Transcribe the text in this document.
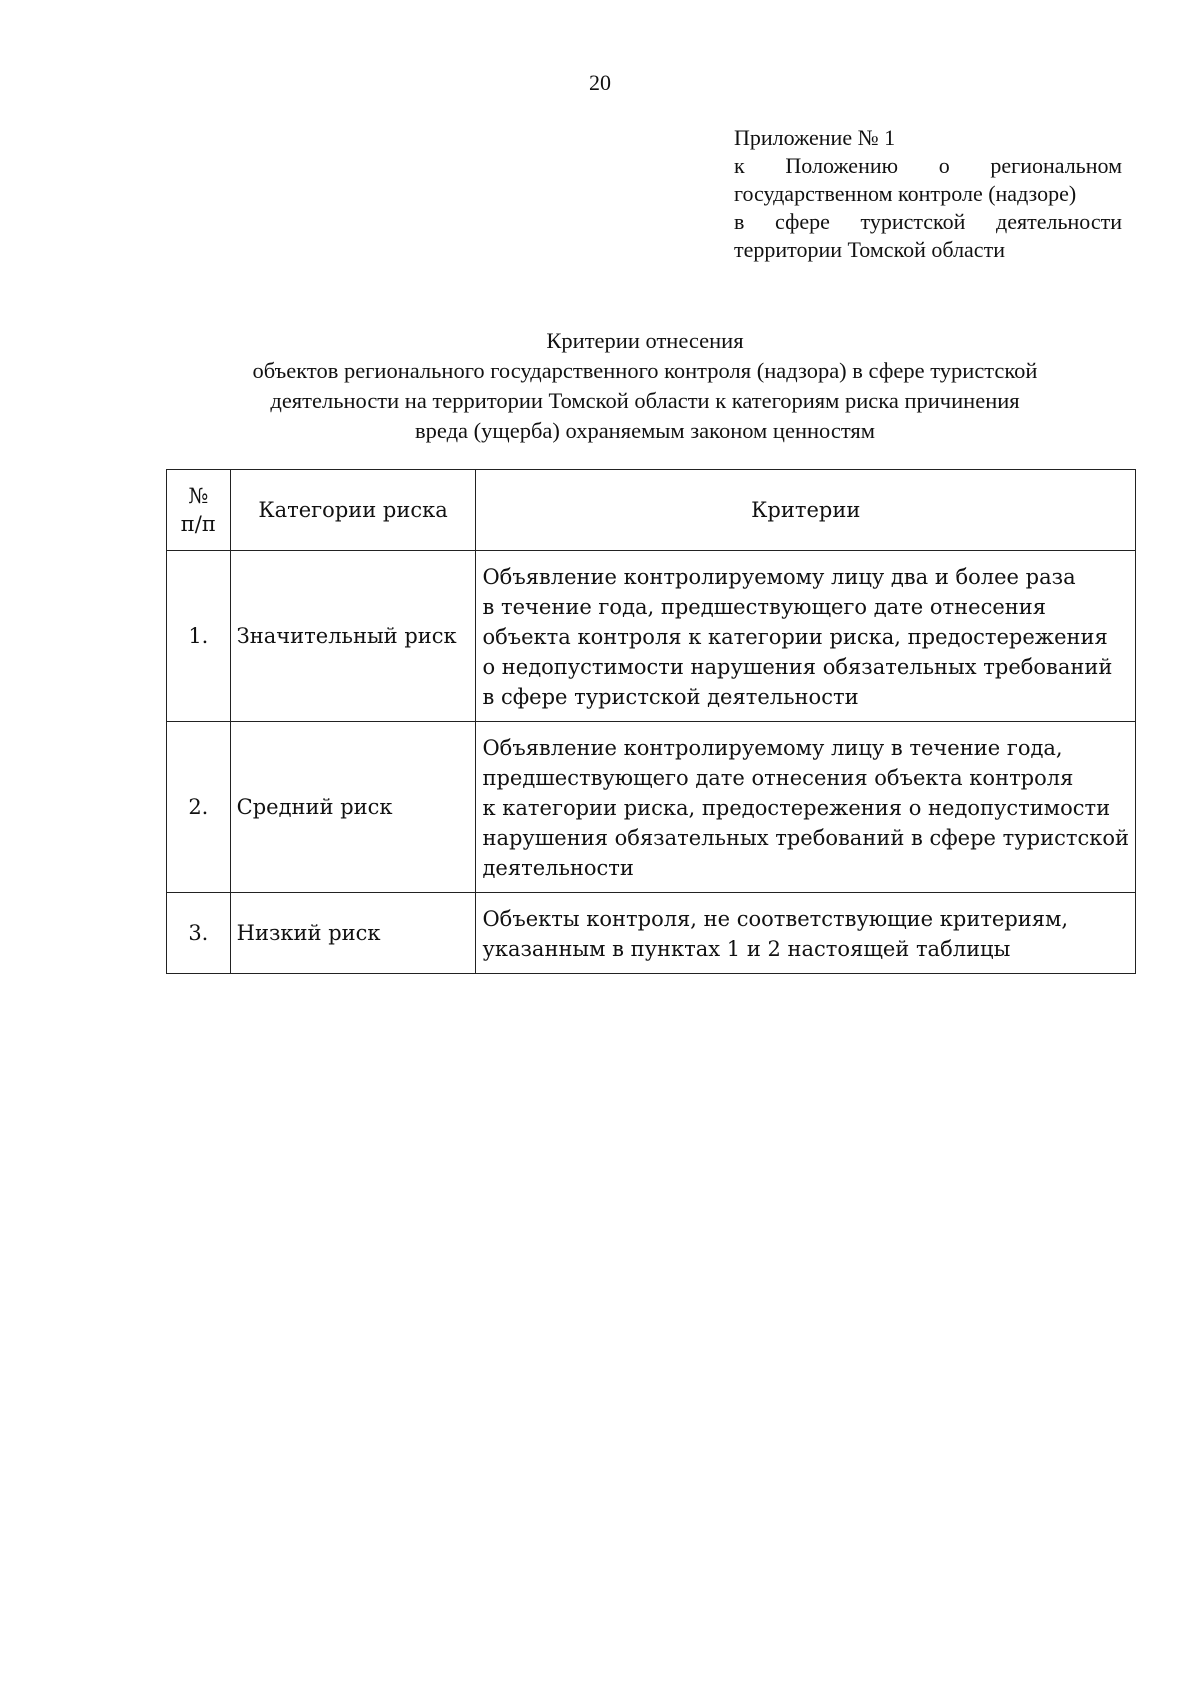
20
Приложение № 1
к Положению о региональном
государственном контроле (надзоре)
в сфере туристской деятельности
территории Томской области
Критерии отнесения
объектов регионального государственного контроля (надзора) в сфере туристской
деятельности на территории Томской области к категориям риска причинения
вреда (ущерба) охраняемым законом ценностям
№
п/п	Категории риска	Критерии
1.	Значительный риск	Объявление контролируемому лицу два и более раза
в течение года, предшествующего дате отнесения
объекта контроля к категории риска, предостережения
о недопустимости нарушения обязательных требований
в сфере туристской деятельности

2.	Средний риск	Объявление контролируемому лицу в течение года,
предшествующего дате отнесения объекта контроля
к категории риска, предостережения о недопустимости
нарушения обязательных требований в сфере туристской
деятельности

3.	Низкий риск	Объекты контроля, не соответствующие критериям,
указанным в пунктах 1 и 2 настоящей таблицы
